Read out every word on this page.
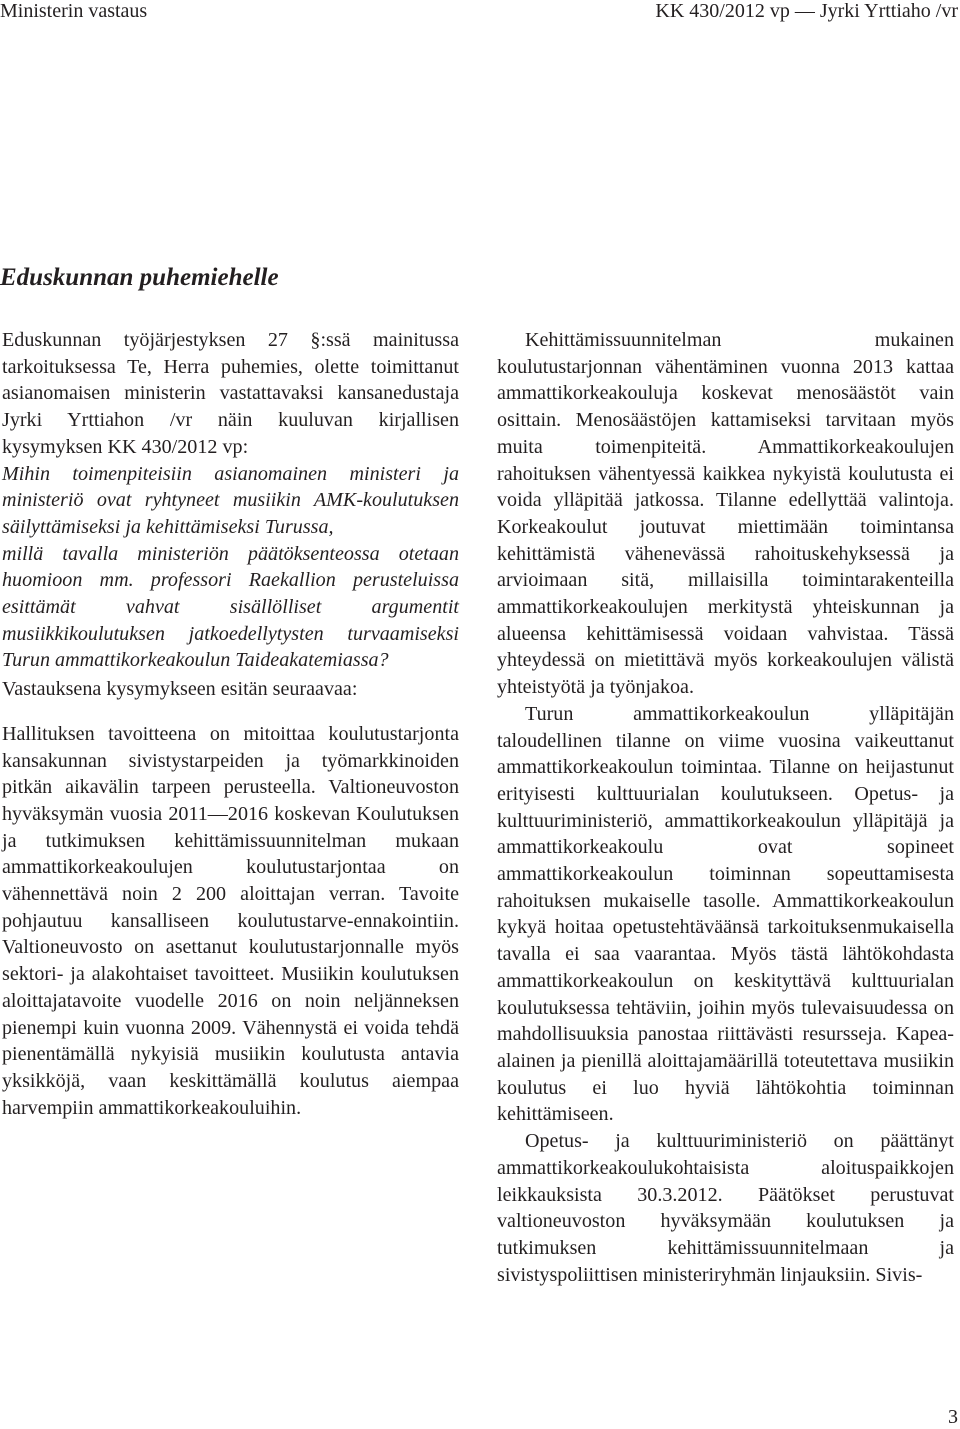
Ministerin vastaus	KK 430/2012 vp — Jyrki Yrttiaho /vr
Eduskunnan puhemiehelle

Eduskunnan työjärjestyksen 27 §:ssä mainitussa tarkoituksessa Te, Herra puhemies, olette toimittanut asianomaisen ministerin vastattavaksi kansanedustaja Jyrki Yrttiahon /vr näin kuuluvan kirjallisen kysymyksen KK 430/2012 vp:

Mihin toimenpiteisiin asianomainen ministeri ja ministeriö ovat ryhtyneet musiikin AMK-koulutuksen säilyttämiseksi ja kehittämiseksi Turussa,

millä tavalla ministeriön päätöksenteossa otetaan huomioon mm. professori Raekallion perusteluissa esittämät vahvat sisällölliset argumentit musiikkikoulutuksen jatkoedellytysten turvaamiseksi Turun ammattikorkeakoulun Taideakatemiassa?

Vastauksena kysymykseen esitän seuraavaa:

Hallituksen tavoitteena on mitoittaa koulutustarjonta kansakunnan sivistystarpeiden ja työmarkkinoiden pitkän aikavälin tarpeen perusteella. Valtioneuvoston hyväksymän vuosia 2011—2016 koskevan Koulutuksen ja tutkimuksen kehittämissuunnitelman mukaan ammattikorkeakoulujen koulutustarjontaa on vähennettävä noin 2 200 aloittajan verran. Tavoite pohjautuu kansalliseen koulutustarve-ennakointiin. Valtioneuvosto on asettanut koulutustarjonnalle myös sektori- ja alakohtaiset tavoitteet. Musiikin koulutuksen aloittajatavoite vuodelle 2016 on noin neljänneksen pienempi kuin vuonna 2009. Vähennystä ei voida tehdä pienentämällä nykyisiä musiikin koulutusta antavia yksikköjä, vaan keskittämällä koulutus aiempaa harvempiin ammattikorkeakouluihin.

Kehittämissuunnitelman mukainen koulutustarjonnan vähentäminen vuonna 2013 kattaa ammattikorkeakouluja koskevat menosäästöt vain osittain. Menosäästöjen kattamiseksi tarvitaan myös muita toimenpiteitä. Ammattikorkeakoulujen rahoituksen vähentyessä kaikkea nykyistä koulutusta ei voida ylläpitää jatkossa. Tilanne edellyttää valintoja. Korkeakoulut joutuvat miettimään toimintansa kehittämistä vähenevässä rahoituskehyksessä ja arvioimaan sitä, millaisilla toimintarakenteilla ammattikorkeakoulujen merkitystä yhteiskunnan ja alueensa kehittämisessä voidaan vahvistaa. Tässä yhteydessä on mietittävä myös korkeakoulujen välistä yhteistyötä ja työnjakoa.

Turun ammattikorkeakoulun ylläpitäjän taloudellinen tilanne on viime vuosina vaikeuttanut ammattikorkeakoulun toimintaa. Tilanne on heijastunut erityisesti kulttuurialan koulutukseen. Opetus- ja kulttuuriministeriö, ammattikorkeakoulun ylläpitäjä ja ammattikorkeakoulu ovat sopineet ammattikorkeakoulun toiminnan sopeuttamisesta rahoituksen mukaiselle tasolle. Ammattikorkeakoulun kykyä hoitaa opetustehtäväänsä tarkoituksenmukaisella tavalla ei saa vaarantaa. Myös tästä lähtökohdasta ammattikorkeakoulun on keskityttävä kulttuurialan koulutuksessa tehtäviin, joihin myös tulevaisuudessa on mahdollisuuksia panostaa riittävästi resursseja. Kapea-alainen ja pienillä aloittajamäärillä toteutettava musiikin koulutus ei luo hyviä lähtökohtia toiminnan kehittämiseen.

Opetus- ja kulttuuriministeriö on päättänyt ammattikorkeakoulukohtaisista aloituspaikkojen leikkauksista 30.3.2012. Päätökset perustuvat valtioneuvoston hyväksymään koulutuksen ja tutkimuksen kehittämissuunnitelmaan ja sivistyspoliittisen ministeriryhmän linjauksiin. Sivis-

3
